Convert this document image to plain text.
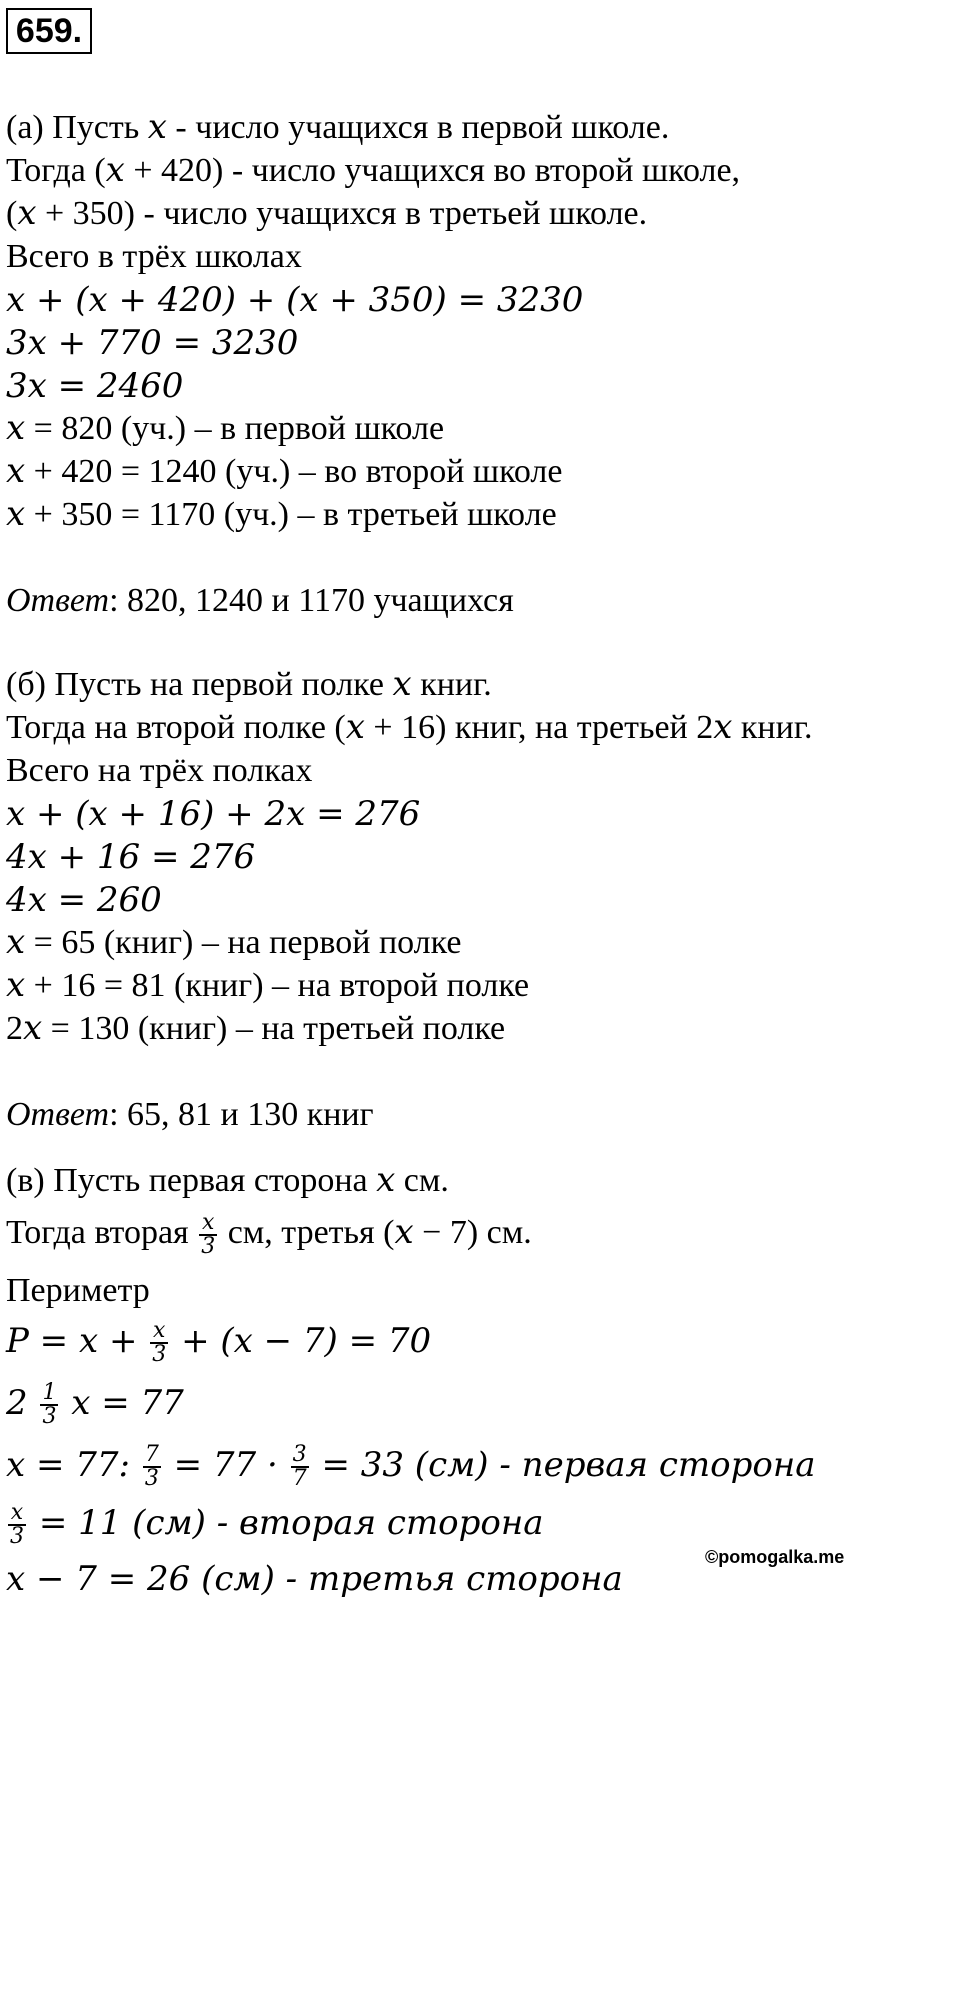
659.
(а) Пусть 𝑥 - число учащихся в первой школе.
Тогда (𝑥 + 420) - число учащихся во второй школе,
(𝑥 + 350) - число учащихся в третьей школе.
Всего в трёх школах
𝑥 + (𝑥 + 420) + (𝑥 + 350) = 3230
3𝑥 + 770 = 3230
3𝑥 = 2460
𝑥 = 820 (уч.) – в первой школе
𝑥 + 420 = 1240 (уч.) – во второй школе
𝑥 + 350 = 1170 (уч.) – в третьей школе
Ответ: 820, 1240 и 1170 учащихся
(б) Пусть на первой полке 𝑥 книг.
Тогда на второй полке (𝑥 + 16) книг, на третьей 2𝑥 книг.
Всего на трёх полках
𝑥 + (𝑥 + 16) + 2𝑥 = 276
4𝑥 + 16 = 276
4𝑥 = 260
𝑥 = 65 (книг) – на первой полке
𝑥 + 16 = 81 (книг) – на второй полке
2𝑥 = 130 (книг) – на третьей полке
Ответ: 65, 81 и 130 книг
(в) Пусть первая сторона 𝑥 см.
Тогда вторая $\frac{\text{𝑥}}{3}$ см, третья (𝑥 − 7) см.
©pomogalka.me
Периметр
𝑃 = 𝑥 + $\frac{\text{𝑥}}{3}$ + (𝑥 − 7) = 70
$2 \frac{1}{3}$ 𝑥 = 77
𝑥 = 77: $\frac{7}{3} = 77 \cdot \frac{3}{7} = 33$ (см) - первая сторона
$\frac{\text{𝑥}}{3} = 11$ (см) - вторая сторона
𝑥 − 7 = 26 (см) - третья сторона
